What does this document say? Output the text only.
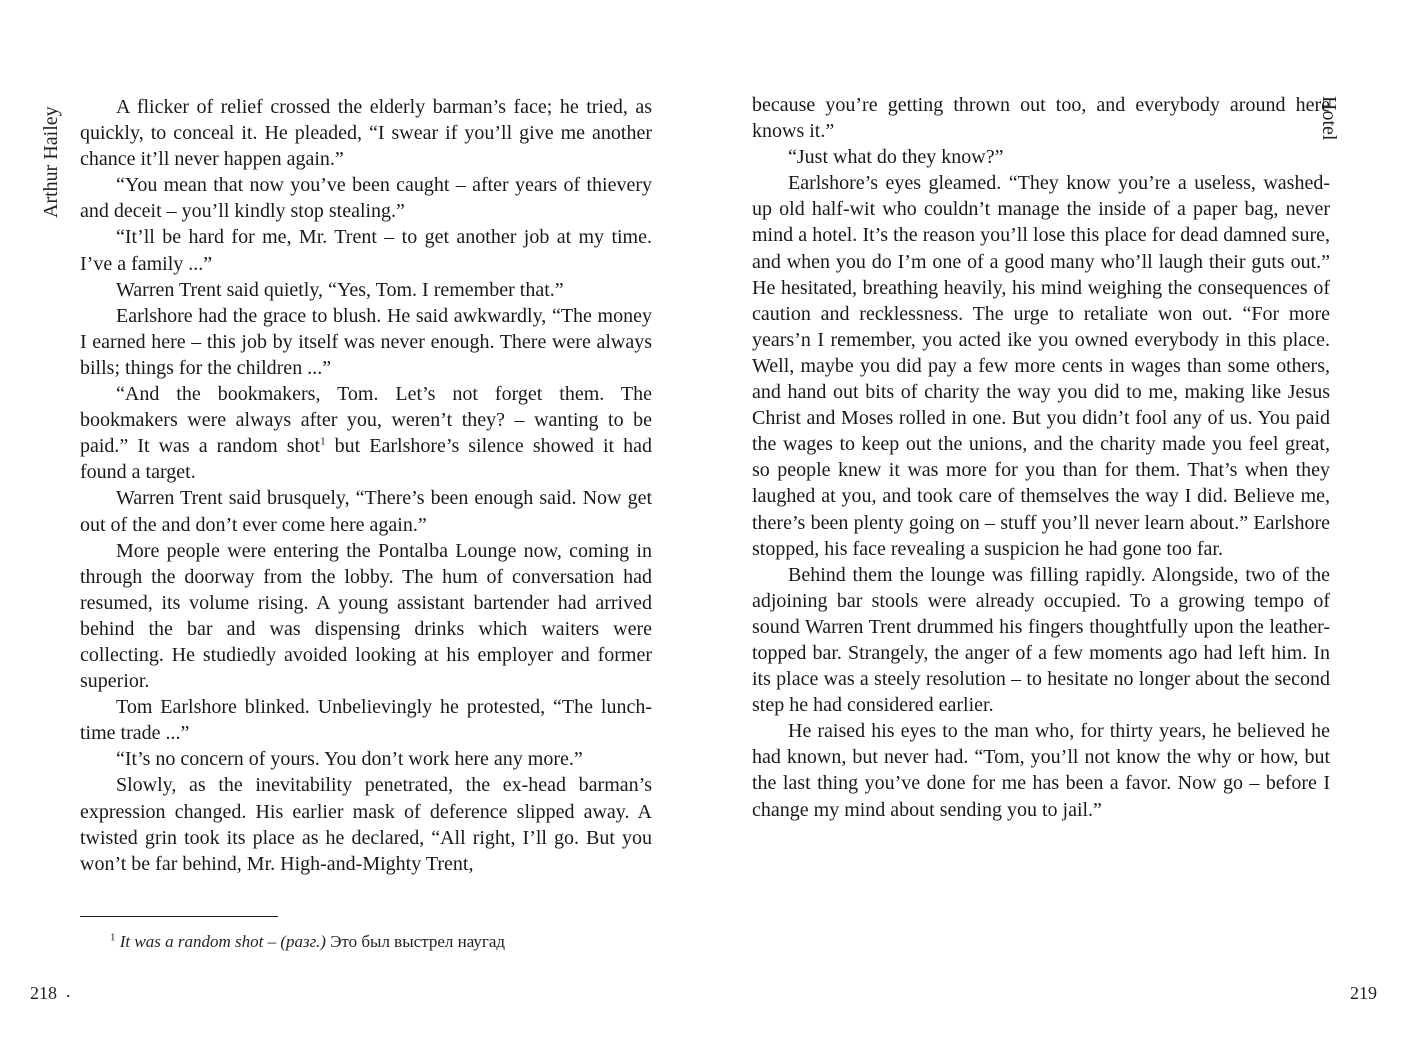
Arthur Hailey	A flicker of relief crossed the elderly barman’s face; he tried, as quickly, to conceal it. He pleaded, “I swear if you’ll give me another chance it’ll never happen again.”

“You mean that now you’ve been caught – after years of thievery and deceit – you’ll kindly stop stealing.”

“It’ll be hard for me, Mr. Trent – to get another job at my time. I’ve a family ...”

Warren Trent said quietly, “Yes, Tom. I remember that.”

Earlshore had the grace to blush. He said awkwardly, “The money I earned here – this job by itself was never enough. There were always bills; things for the children ...”

“And the bookmakers, Tom. Let’s not forget them. The bookmakers were always after you, weren’t they? – wanting to be paid.” It was a random shot$^1$ but Earlshore’s silence showed it had found a target.

Warren Trent said brusquely, “There’s been enough said. Now get out of the and don’t ever come here again.”

More people were entering the Pontalba Lounge now, coming in through the doorway from the lobby. The hum of conversation had resumed, its volume rising. A young assistant bartender had arrived behind the bar and was dispensing drinks which waiters were collecting. He studiedly avoided looking at his employer and former superior.

Tom Earlshore blinked. Unbelievingly he protested, “The lunch-time trade ...”

“It’s no concern of yours. You don’t work here any more.”

Slowly, as the inevitability penetrated, the ex-head barman’s expression changed. His earlier mask of deference slipped away. A twisted grin took its place as he declared, “All right, I’ll go. But you won’t be far behind, Mr. High-and-Mighty Trent,

$^1$ It was a random shot – (разг.) Это был выстрел наугад
218 .
Hotel

because you’re getting thrown out too, and everybody around here knows it.”

“Just what do they know?”

Earlshore’s eyes gleamed. “They know you’re a useless, washed-up old half-wit who couldn’t manage the inside of a paper bag, never mind a hotel. It’s the reason you’ll lose this place for dead damned sure, and when you do I’m one of a good many who’ll laugh their guts out.” He hesitated, breathing heavily, his mind weighing the consequences of caution and recklessness. The urge to retaliate won out. “For more years’n I remember, you acted ike you owned everybody in this place. Well, maybe you did pay a few more cents in wages than some others, and hand out bits of charity the way you did to me, making like Jesus Christ and Moses rolled in one. But you didn’t fool any of us. You paid the wages to keep out the unions, and the charity made you feel great, so people knew it was more for you than for them. That’s when they laughed at you, and took care of themselves the way I did. Believe me, there’s been plenty going on – stuff you’ll never learn about.” Earlshore stopped, his face revealing a suspicion he had gone too far.

Behind them the lounge was filling rapidly. Alongside, two of the adjoining bar stools were already occupied. To a growing tempo of sound Warren Trent drummed his fingers thoughtfully upon the leather-topped bar. Strangely, the anger of a few moments ago had left him. In its place was a steely resolution – to hesitate no longer about the second step he had considered earlier.

He raised his eyes to the man who, for thirty years, he believed he had known, but never had. “Tom, you’ll not know the why or how, but the last thing you’ve done for me has been a favor. Now go – before I change my mind about sending you to jail.”

219
